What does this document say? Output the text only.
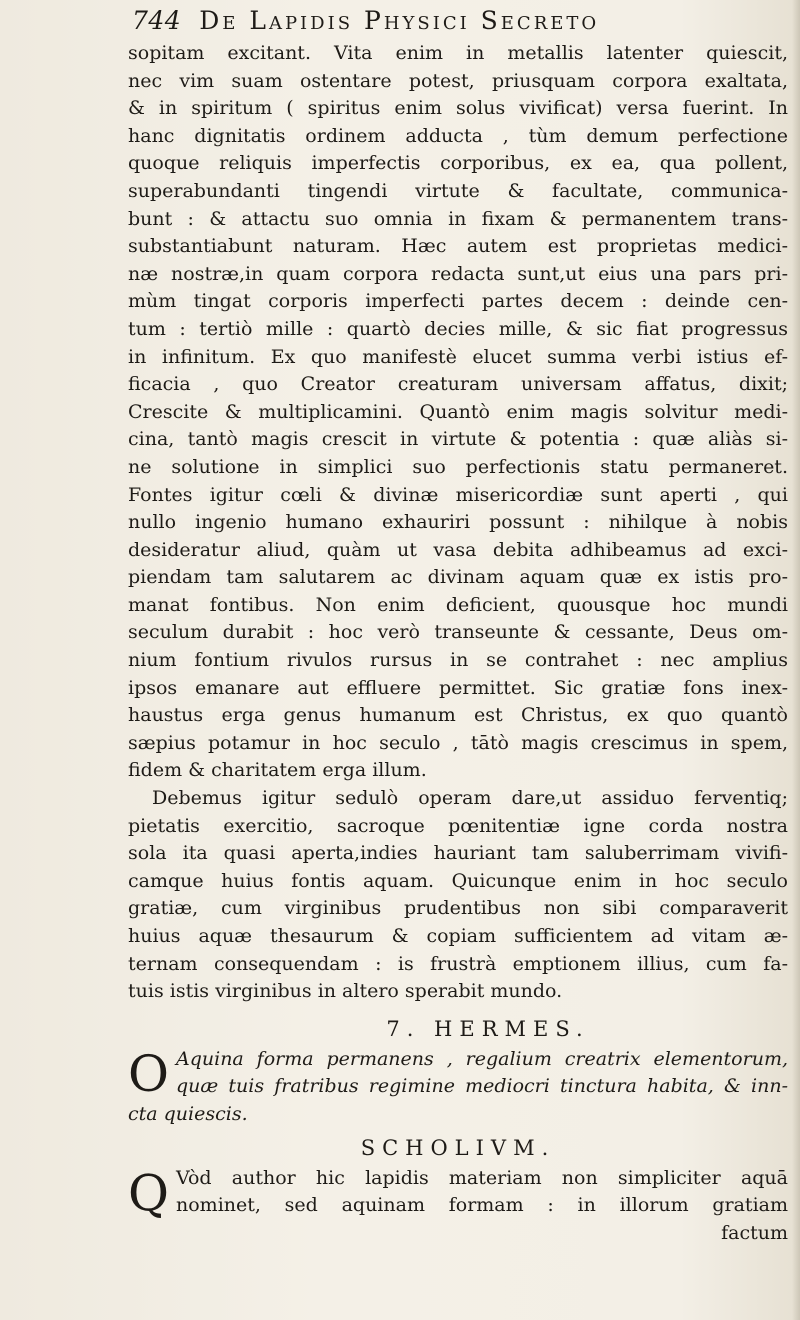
744 De Lapidis Physici Secreto
sopitam excitant. Vita enim in metallis latenter quiescit,
nec vim suam ostentare potest, priusquam corpora exaltata,
& in spiritum ( spiritus enim solus vivificat) versa fuerint. In
hanc dignitatis ordinem adducta , tùm demum perfectione
quoque reliquis imperfectis corporibus, ex ea, qua pollent,
superabundanti tingendi virtute & facultate, communica-
bunt : & attactu suo omnia in fixam & permanentem trans-
substantiabunt naturam. Hæc autem est proprietas medici-
næ nostræ,in quam corpora redacta sunt,ut eius una pars pri-
mùm tingat corporis imperfecti partes decem : deinde cen-
tum : tertiò mille : quartò decies mille, & sic fiat progressus
in infinitum. Ex quo manifestè elucet summa verbi istius ef-
ficacia , quo Creator creaturam universam affatus, dixit;
Crescite & multiplicamini. Quantò enim magis solvitur medi-
cina, tantò magis crescit in virtute & potentia : quæ aliàs si-
ne solutione in simplici suo perfectionis statu permaneret.
Fontes igitur cœli & divinæ misericordiæ sunt aperti , qui
nullo ingenio humano exhauriri possunt : nihilque à nobis
desideratur aliud, quàm ut vasa debita adhibeamus ad exci-
piendam tam salutarem ac divinam aquam quæ ex istis pro-
manat fontibus. Non enim deficient, quousque hoc mundi
seculum durabit : hoc verò transeunte & cessante, Deus om-
nium fontium rivulos rursus in se contrahet : nec amplius
ipsos emanare aut effluere permittet. Sic gratiæ fons inex-
haustus erga genus humanum est Christus, ex quo quantò
sæpius potamur in hoc seculo , tātò magis crescimus in spem,
fidem & charitatem erga illum.
Debemus igitur sedulò operam dare,ut assiduo ferventiq;
pietatis exercitio, sacroque pœnitentiæ igne corda nostra
sola ita quasi aperta,indies hauriant tam saluberrimam vivifi-
camque huius fontis aquam. Quicunque enim in hoc seculo
gratiæ, cum virginibus prudentibus non sibi comparaverit
huius aquæ thesaurum & copiam sufficientem ad vitam æ-
ternam consequendam : is frustrà emptionem illius, cum fa-
tuis istis virginibus in altero sperabit mundo.
7. HERMES.
O Aquina forma permanens , regalium creatrix elementorum,
quæ tuis fratribus regimine mediocri tinctura habita, & inn-
cta quiescis.
SCHOLIVM.
Q Vòd author hic lapidis materiam non simpliciter aquā
nominet, sed aquinam formam : in illorum gratiam
factum
